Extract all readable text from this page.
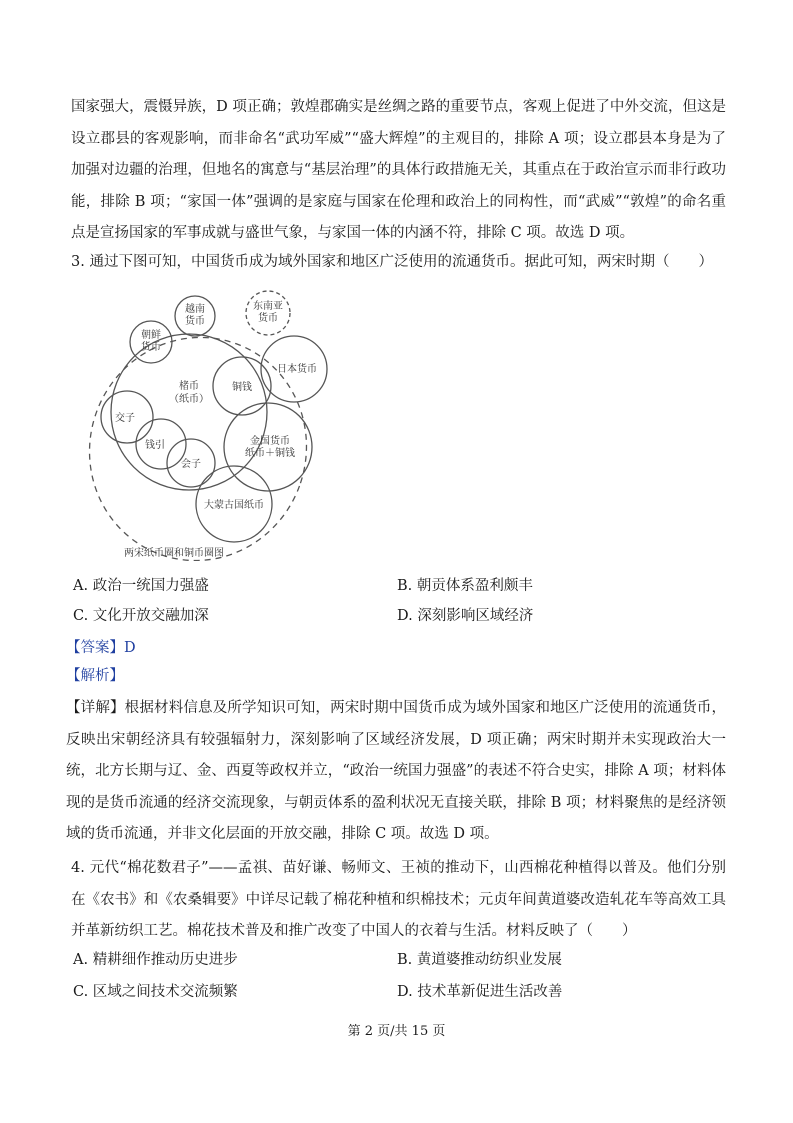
国家强大，震慑异族，D 项正确；敦煌郡确实是丝绸之路的重要节点，客观上促进了中外交流，但这是设立郡县的客观影响，而非命名“武功军威”“盛大辉煌”的主观目的，排除 A 项；设立郡县本身是为了加强对边疆的治理，但地名的寓意与“基层治理”的具体行政措施无关，其重点在于政治宣示而非行政功能，排除 B 项；“家国一体”强调的是家庭与国家在伦理和政治上的同构性，而“武威”“敦煌”的命名重点是宣扬国家的军事成就与盛世气象，与家国一体的内涵不符，排除 C 项。故选 D 项。

3. 通过下图可知，中国货币成为域外国家和地区广泛使用的流通货币。据此可知，两宋时期（　　）

东南亚
货币
越南
货币
朝鲜
货币
日本货币
铜钱
楮币
（纸币）
交子
钱引
会子
金国货币
纸币＋铜钱
大蒙古国纸币
两宋纸币圈和铜币圈图
A. 政治一统国力强盛	B. 朝贡体系盈利颇丰
C. 文化开放交融加深	D. 深刻影响区域经济

【答案】D

【解析】

【详解】根据材料信息及所学知识可知，两宋时期中国货币成为域外国家和地区广泛使用的流通货币，反映出宋朝经济具有较强辐射力，深刻影响了区域经济发展，D 项正确；两宋时期并未实现政治大一统，北方长期与辽、金、西夏等政权并立，“政治一统国力强盛”的表述不符合史实，排除 A 项；材料体现的是货币流通的经济交流现象，与朝贡体系的盈利状况无直接关联，排除 B 项；材料聚焦的是经济领域的货币流通，并非文化层面的开放交融，排除 C 项。故选 D 项。

4. 元代“棉花数君子”——孟祺、苗好谦、畅师文、王祯的推动下，山西棉花种植得以普及。他们分别在《农书》和《农桑辑要》中详尽记载了棉花种植和织棉技术；元贞年间黄道婆改造轧花车等高效工具并革新纺织工艺。棉花技术普及和推广改变了中国人的衣着与生活。材料反映了（　　）

A. 精耕细作推动历史进步	B. 黄道婆推动纺织业发展
C. 区域之间技术交流频繁	D. 技术革新促进生活改善
第 2 页/共 15 页
